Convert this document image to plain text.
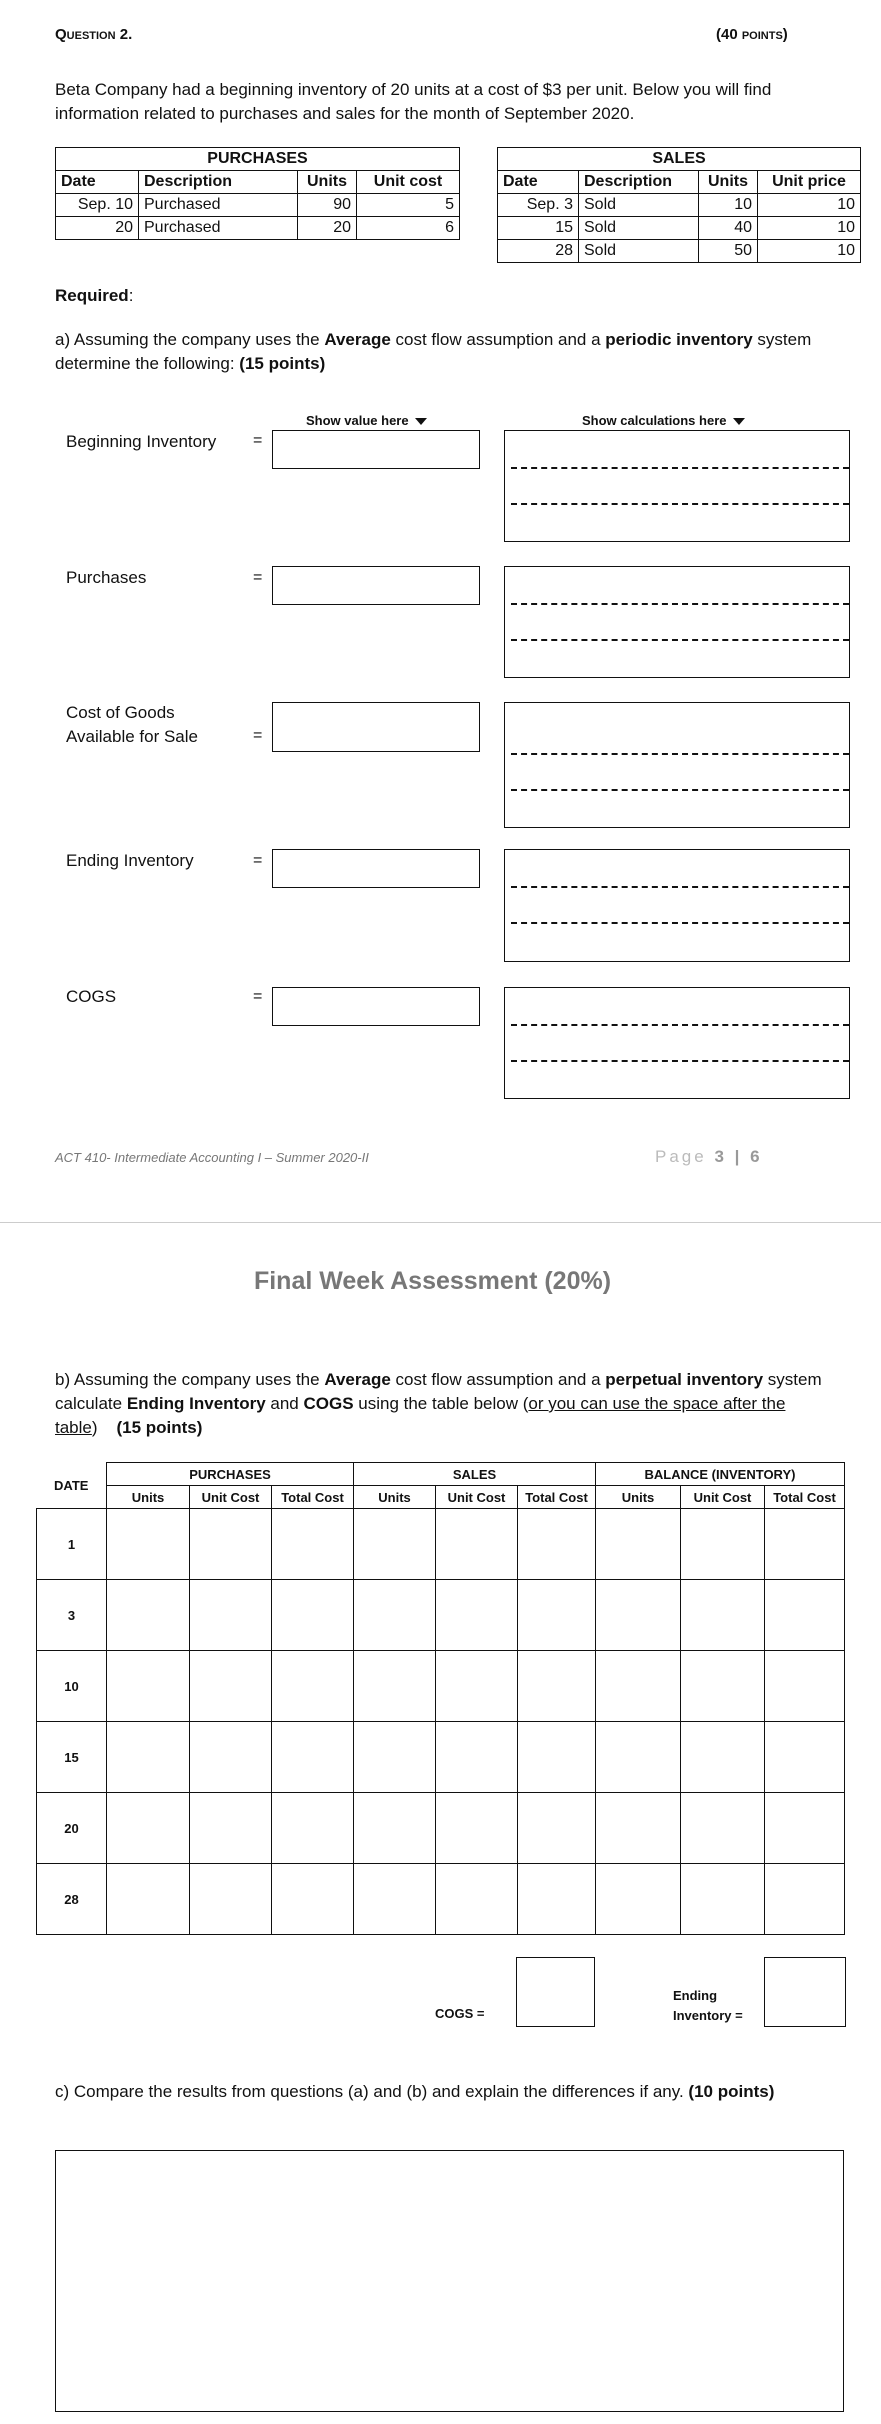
Question 2.	(40 points)
Beta Company had a beginning inventory of 20 units at a cost of $3 per unit. Below you will find information related to purchases and sales for the month of September 2020.
PURCHASES			
Date	Description	Units	Unit cost
Sep. 10	Purchased	90	5
20	Purchased	20	6
SALES			
Date	Description	Units	Unit price
Sep. 3	Sold	10	10
15	Sold	40	10
28	Sold	50	10
Required:
a) Assuming the company uses the Average cost flow assumption and a periodic inventory system determine the following: (15 points)
Show value here	Show calculations here
Beginning Inventory =
Purchases	=
Cost of Goods Available for Sale	=
Ending Inventory	=
COGS	=
ACT 410- Intermediate Accounting I – Summer 2020-II	Page 3 | 6
Final Week Assessment (20%)
b) Assuming the company uses the Average cost flow assumption and a perpetual inventory system calculate Ending Inventory and COGS using the table below (or you can use the space after the table) (15 points)
DATE	PURCHASES			SALES			BALANCE (INVENTORY)		
	Units	Unit Cost	Total Cost	Units	Unit Cost	Total Cost	Units	Unit Cost	Total Cost
1									
3									
10									
15									
20									
28									
COGS =
Ending
Inventory =
c) Compare the results from questions (a) and (b) and explain the differences if any. (10 points)
